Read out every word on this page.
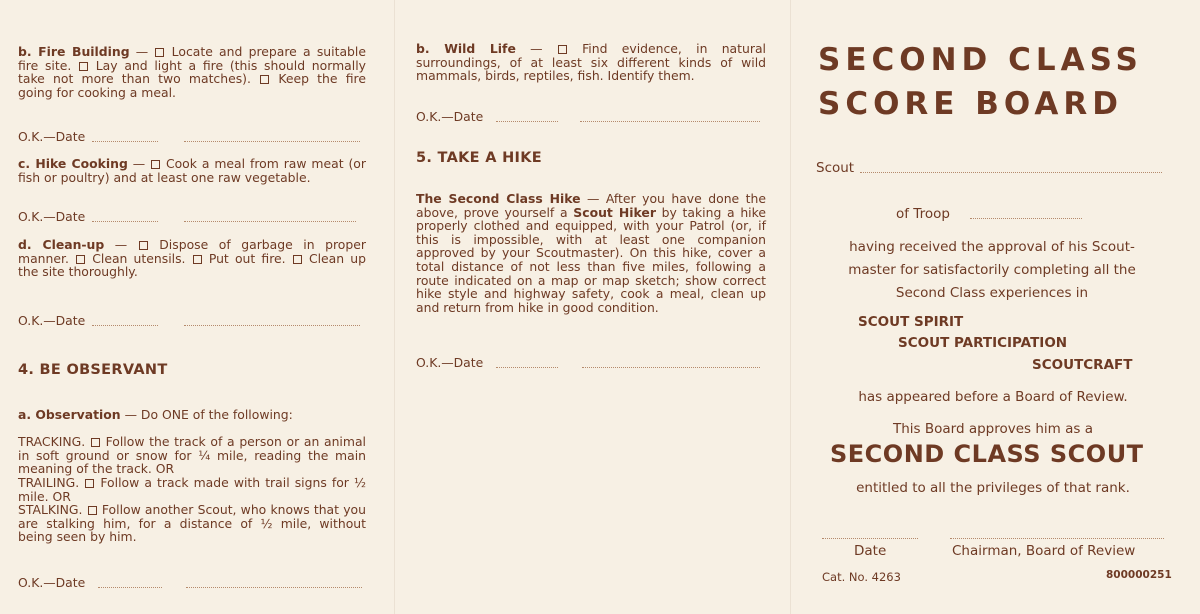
b. Fire Building —  Locate and prepare a suitable fire site. Lay and light a fire (this should normally take not more than two matches). Keep the fire going for cooking a meal.
O.K.—Date
c. Hike Cooking —  Cook a meal from raw meat (or fish or poultry) and at least one raw vegetable.
O.K.—Date
d. Clean-up —  Dispose of garbage in proper manner. Clean utensils. Put out fire. Clean up the site thoroughly.
O.K.—Date
4. BE OBSERVANT
a. Observation — Do ONE of the following:
TRACKING. Follow the track of a person or an animal in soft ground or snow for ¼ mile, reading the main meaning of the track. OR
TRAILING. Follow a track made with trail signs for ½ mile. OR
STALKING. Follow another Scout, who knows that you are stalking him, for a distance of ½ mile, without being seen by him.
O.K.—Date
b. Wild Life —  Find evidence, in natural surroundings, of at least six different kinds of wild mammals, birds, reptiles, fish. Identify them.
O.K.—Date
5. TAKE A HIKE
The Second Class Hike — After you have done the above, prove yourself a Scout Hiker by taking a hike properly clothed and equipped, with your Patrol (or, if this is impossible, with at least one companion approved by your Scoutmaster). On this hike, cover a total distance of not less than five miles, following a route indicated on a map or map sketch; show correct hike style and highway safety, cook a meal, clean up and return from hike in good condition.
O.K.—Date
SECOND CLASS
SCORE BOARD
Scout
of Troop
having received the approval of his Scout-
master for satisfactorily completing all the
Second Class experiences in
SCOUT SPIRIT
SCOUT PARTICIPATION
SCOUTCRAFT
has appeared before a Board of Review.
This Board approves him as a
SECOND CLASS SCOUT
entitled to all the privileges of that rank.
Date	Chairman, Board of Review
Cat. No. 4263	800000251
